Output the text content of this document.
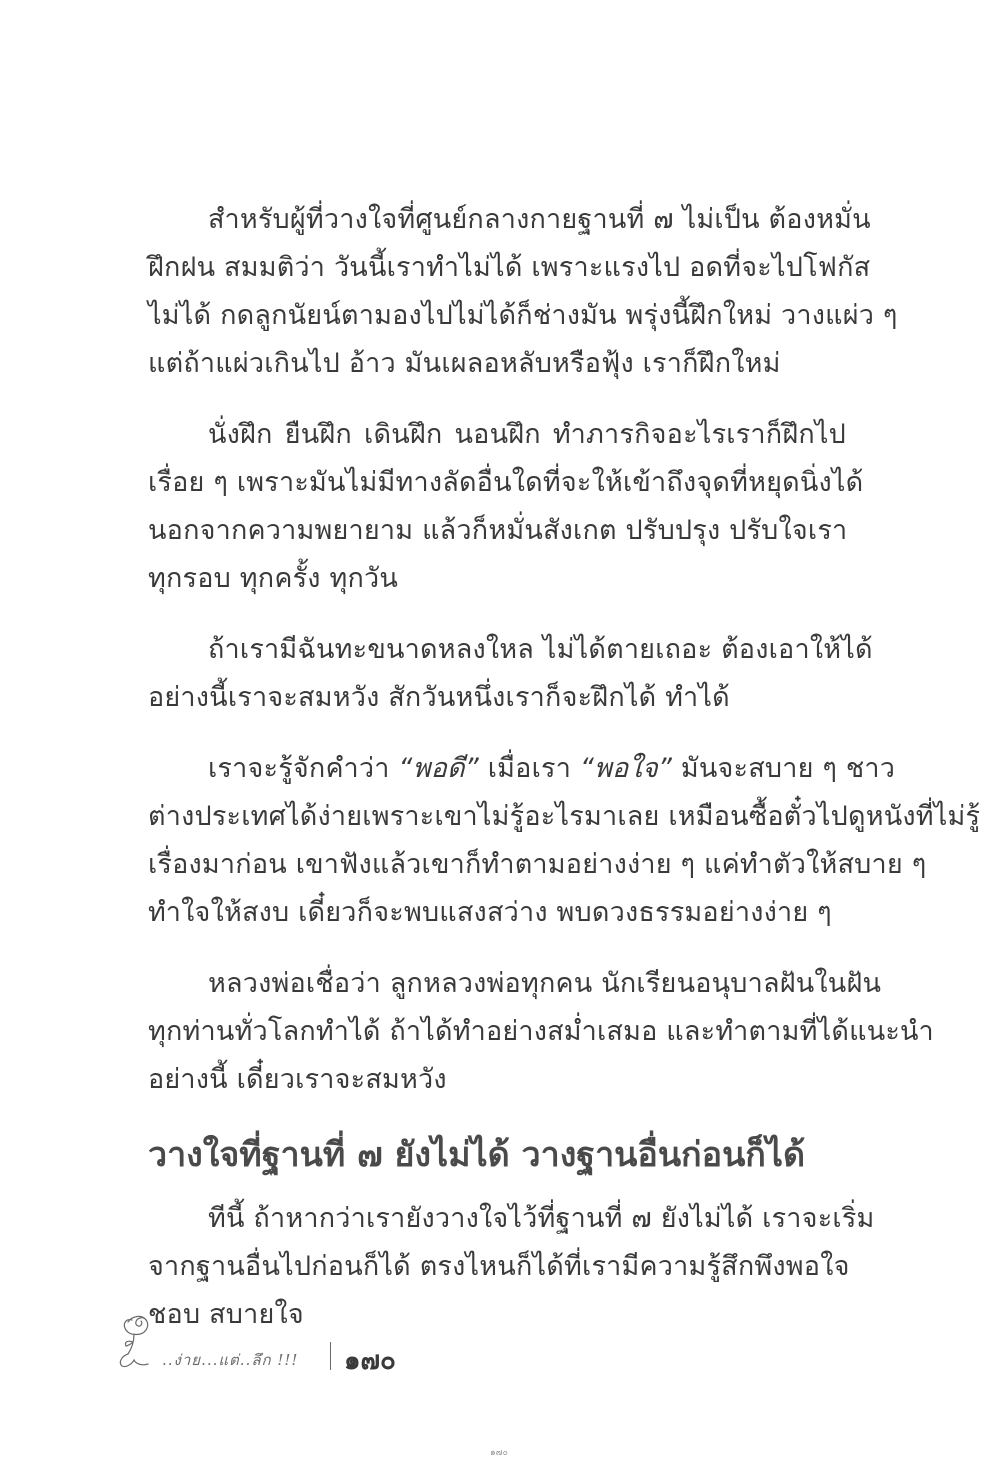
สำหรับผู้ที่วางใจที่ศูนย์กลางกายฐานที่ ๗ ไม่เป็น ต้องหมั่น
ฝึกฝน สมมติว่า วันนี้เราทำไม่ได้ เพราะแรงไป อดที่จะไปโฟกัส
ไม่ได้ กดลูกนัยน์ตามองไปไม่ได้ก็ช่างมัน พรุ่งนี้ฝึกใหม่ วางแผ่ว ๆ
แต่ถ้าแผ่วเกินไป อ้าว มันเผลอหลับหรือฟุ้ง เราก็ฝึกใหม่

นั่งฝึก ยืนฝึก เดินฝึก นอนฝึก ทำภารกิจอะไรเราก็ฝึกไป
เรื่อย ๆ เพราะมันไม่มีทางลัดอื่นใดที่จะให้เข้าถึงจุดที่หยุดนิ่งได้
นอกจากความพยายาม แล้วก็หมั่นสังเกต ปรับปรุง ปรับใจเรา
ทุกรอบ ทุกครั้ง ทุกวัน

ถ้าเรามีฉันทะขนาดหลงใหล ไม่ได้ตายเถอะ ต้องเอาให้ได้
อย่างนี้เราจะสมหวัง สักวันหนึ่งเราก็จะฝึกได้ ทำได้

เราจะรู้จักคำว่า “พอดี” เมื่อเรา “พอใจ” มันจะสบาย ๆ ชาว
ต่างประเทศได้ง่ายเพราะเขาไม่รู้อะไรมาเลย เหมือนซื้อตั๋วไปดูหนังที่ไม่รู้
เรื่องมาก่อน เขาฟังแล้วเขาก็ทำตามอย่างง่าย ๆ แค่ทำตัวให้สบาย ๆ
ทำใจให้สงบ เดี๋ยวก็จะพบแสงสว่าง พบดวงธรรมอย่างง่าย ๆ

หลวงพ่อเชื่อว่า ลูกหลวงพ่อทุกคน นักเรียนอนุบาลฝันในฝัน
ทุกท่านทั่วโลกทำได้ ถ้าได้ทำอย่างสม่ำเสมอ และทำตามที่ได้แนะนำ
อย่างนี้ เดี๋ยวเราจะสมหวัง

วางใจที่ฐานที่ ๗ ยังไม่ได้ วางฐานอื่นก่อนก็ได้

ทีนี้ ถ้าหากว่าเรายังวางใจไว้ที่ฐานที่ ๗ ยังไม่ได้ เราจะเริ่ม
จากฐานอื่นไปก่อนก็ได้ ตรงไหนก็ได้ที่เรามีความรู้สึกพึงพอใจ
ชอบ สบายใจ

..ง่าย...แต่..ลึก !!! ๑๗๐
๑๗๐
